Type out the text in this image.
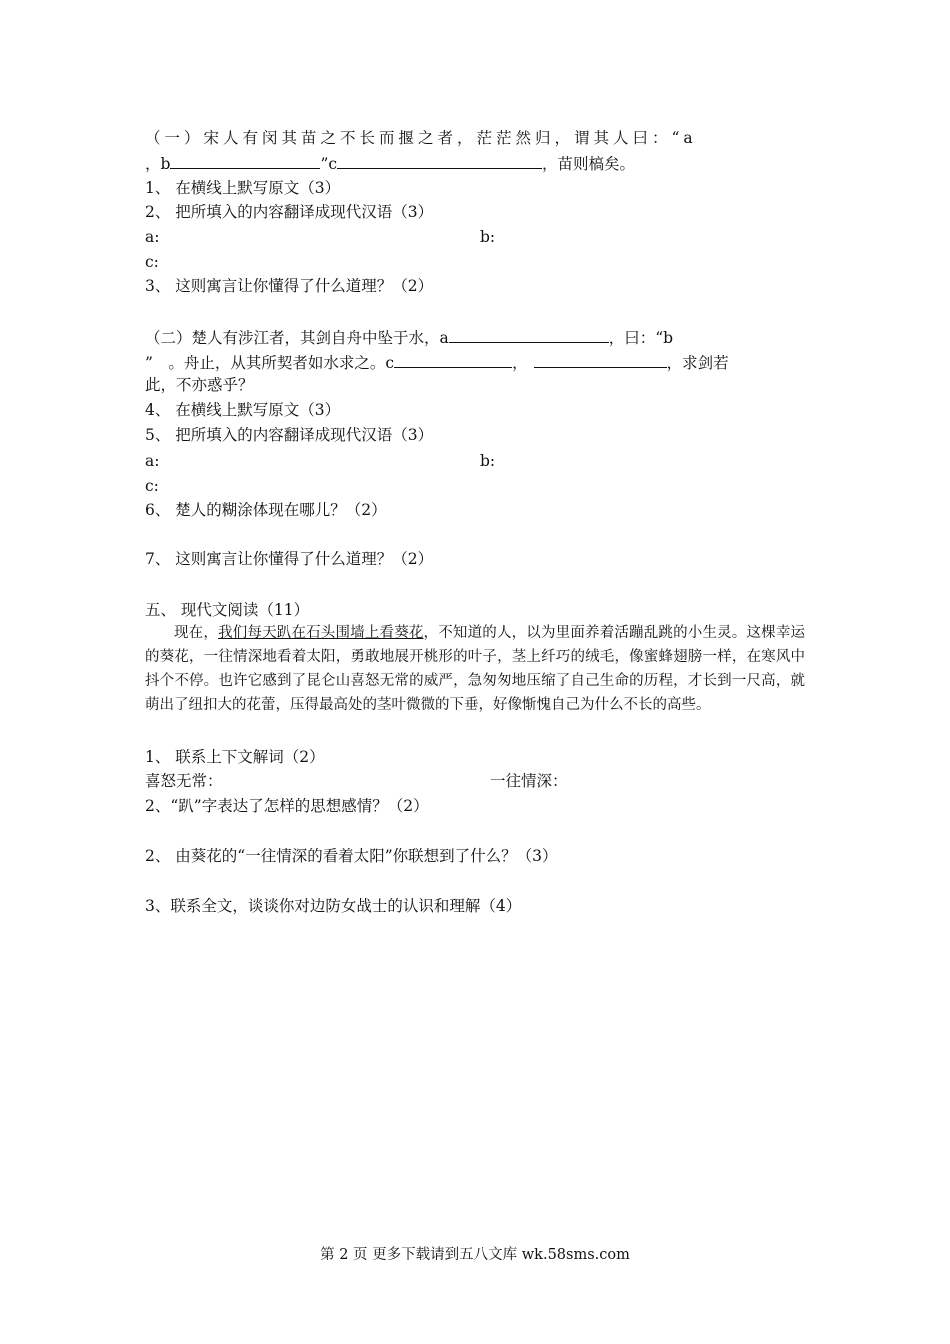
（一）宋人有闵其苗之不长而揠之者，茫茫然归，谓其人曰：“a
，b	”c	，苗则槁矣。
1、 在横线上默写原文（3）
2、 把所填入的内容翻译成现代汉语（3）
a:	b:
c:
3、 这则寓言让你懂得了什么道理？（2）
（二）楚人有涉江者，其剑自舟中坠于水，a	，曰：“b
”　。舟止，从其所契者如水求之。c	，	，求剑若
此，不亦惑乎？
4、 在横线上默写原文（3）
5、 把所填入的内容翻译成现代汉语（3）
a:	b:
c:
6、 楚人的糊涂体现在哪儿？（2）
7、 这则寓言让你懂得了什么道理？（2）
五、 现代文阅读（11）

现在，我们每天趴在石头围墙上看葵花，不知道的人，以为里面养着活蹦乱跳的小生灵。这棵幸运的葵花，一往情深地看着太阳，勇敢地展开桃形的叶子，茎上纤巧的绒毛，像蜜蜂翅膀一样，在寒风中抖个不停。也许它感到了昆仑山喜怒无常的威严，急匆匆地压缩了自己生命的历程，才长到一尺高，就萌出了纽扣大的花蕾，压得最高处的茎叶微微的下垂，好像惭愧自己为什么不长的高些。

1、 联系上下文解词（2）
喜怒无常：	一往情深：
2、“趴”字表达了怎样的思想感情？（2）
2、 由葵花的“一往情深的看着太阳”你联想到了什么？（3）
3、联系全文，谈谈你对边防女战士的认识和理解（4）
第 2 页 更多下载请到五八文库 wk.58sms.com
